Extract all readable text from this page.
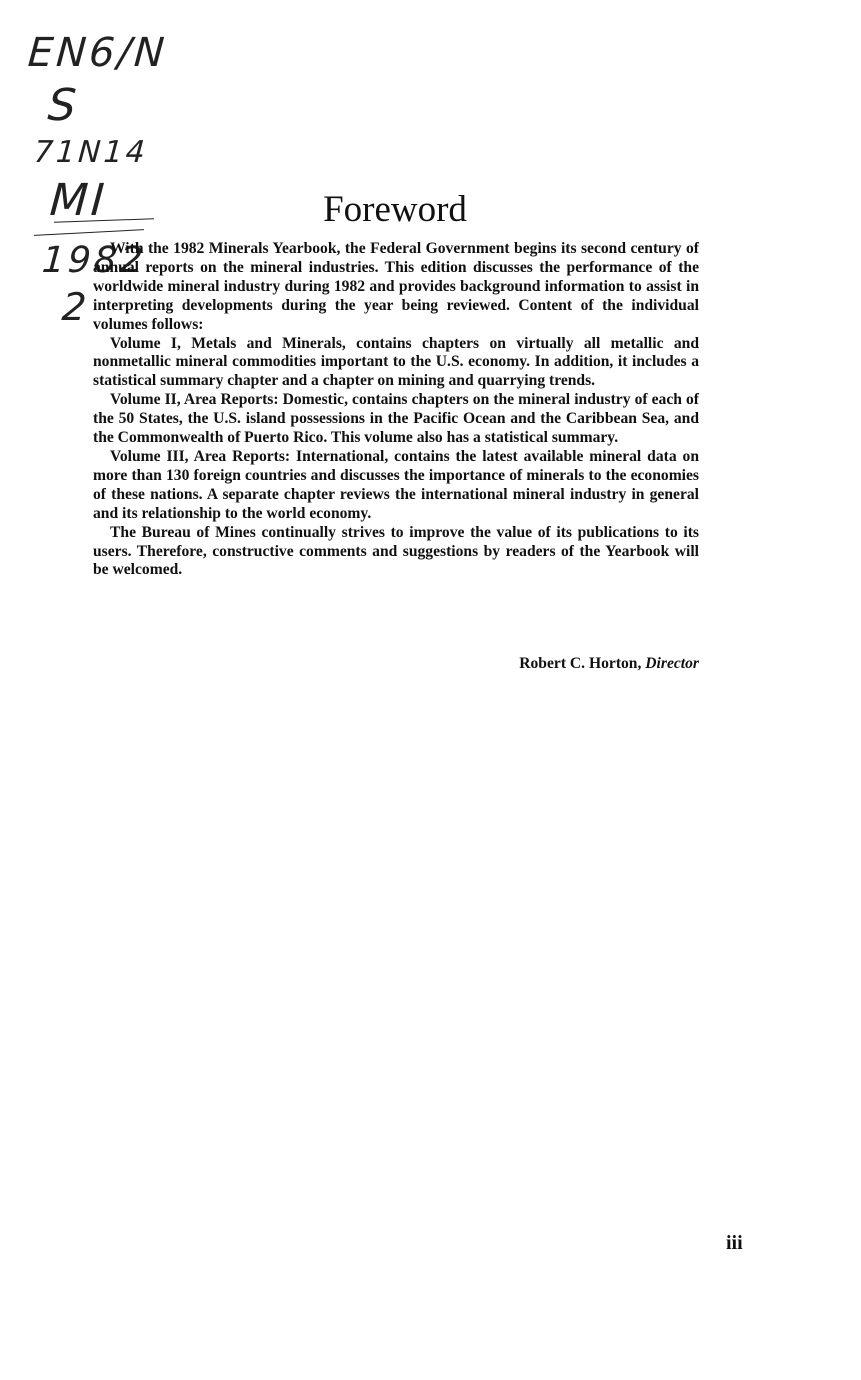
EN6/N
S
71N14
MI
1982
2
Foreword

With the 1982 Minerals Yearbook, the Federal Government begins its second century of annual reports on the mineral industries. This edition discusses the performance of the worldwide mineral industry during 1982 and provides background information to assist in interpreting developments during the year being reviewed. Content of the individual volumes follows:

Volume I, Metals and Minerals, contains chapters on virtually all metallic and nonmetallic mineral commodities important to the U.S. economy. In addition, it includes a statistical summary chapter and a chapter on mining and quarrying trends.

Volume II, Area Reports: Domestic, contains chapters on the mineral industry of each of the 50 States, the U.S. island possessions in the Pacific Ocean and the Caribbean Sea, and the Commonwealth of Puerto Rico. This volume also has a statistical summary.

Volume III, Area Reports: International, contains the latest available mineral data on more than 130 foreign countries and discusses the importance of minerals to the economies of these nations. A separate chapter reviews the international mineral industry in general and its relationship to the world economy.

The Bureau of Mines continually strives to improve the value of its publications to its users. Therefore, constructive comments and suggestions by readers of the Yearbook will be welcomed.

Robert C. Horton, Director
iii
